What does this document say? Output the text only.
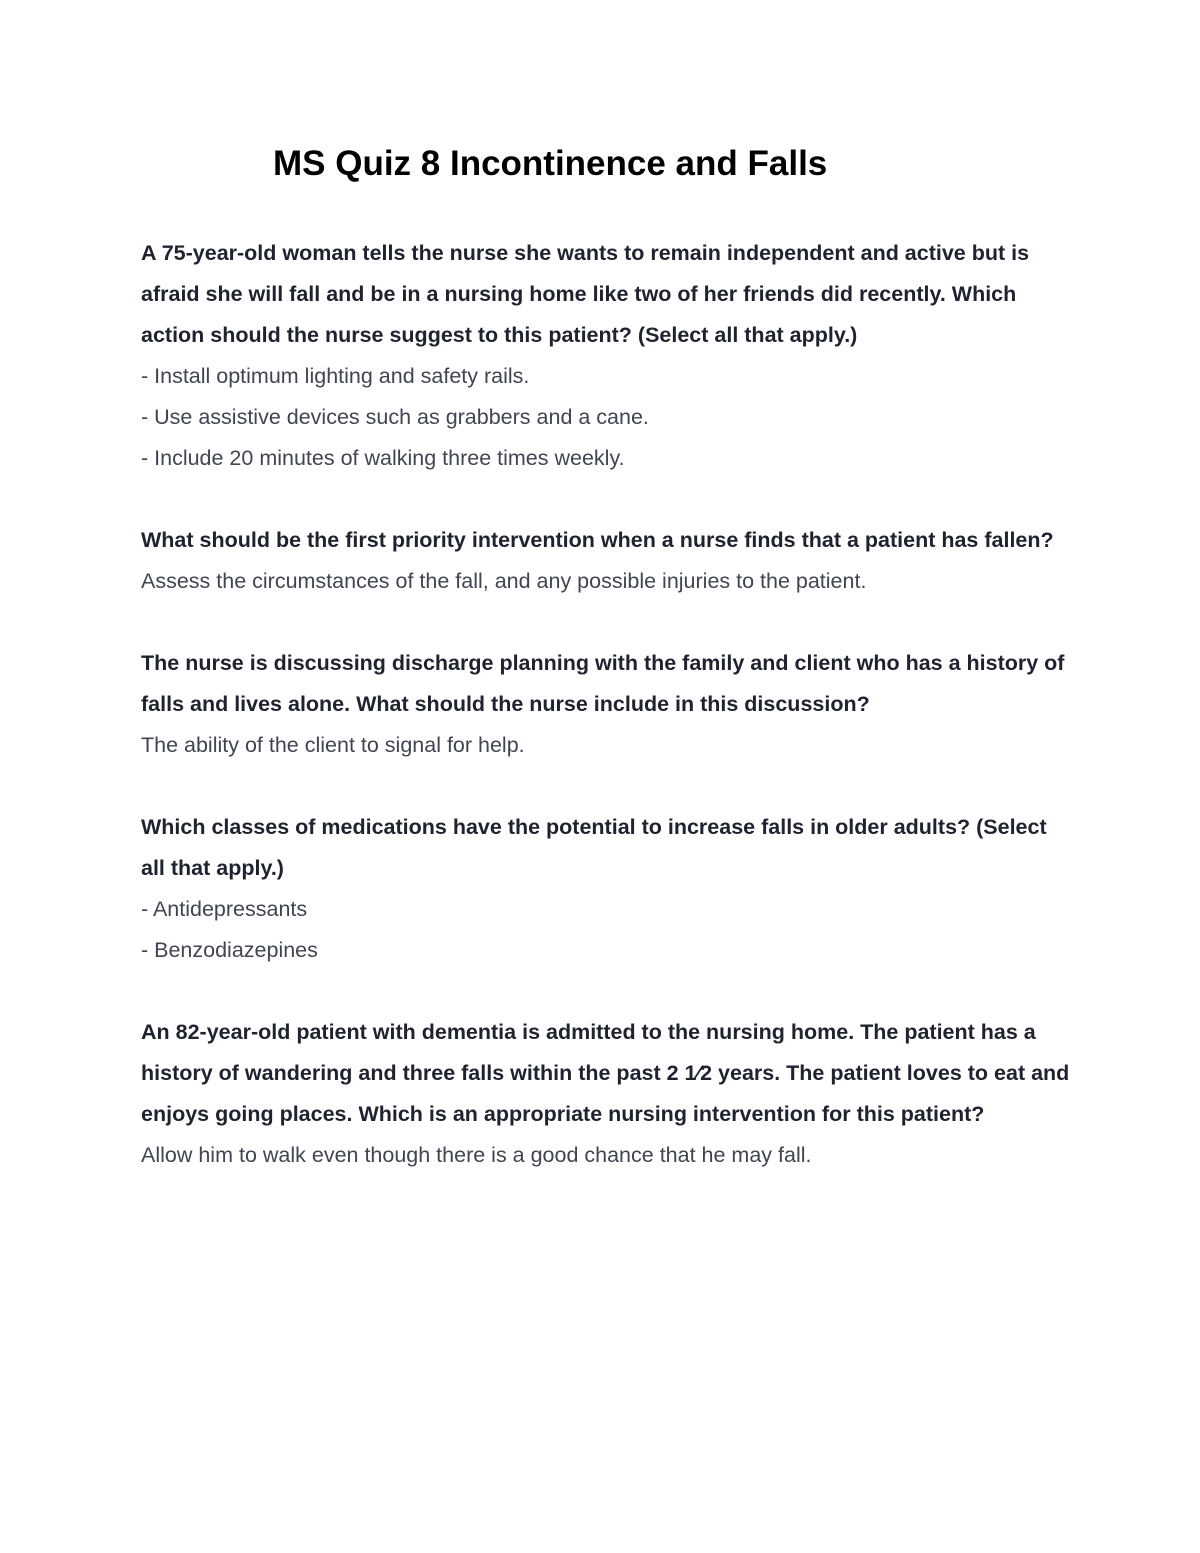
MS Quiz 8 Incontinence and Falls

A 75-year-old woman tells the nurse she wants to remain independent and active but is afraid she will fall and be in a nursing home like two of her friends did recently. Which action should the nurse suggest to this patient? (Select all that apply.)

- Install optimum lighting and safety rails.

- Use assistive devices such as grabbers and a cane.

- Include 20 minutes of walking three times weekly.

What should be the first priority intervention when a nurse finds that a patient has fallen?

Assess the circumstances of the fall, and any possible injuries to the patient.

The nurse is discussing discharge planning with the family and client who has a history of falls and lives alone. What should the nurse include in this discussion?

The ability of the client to signal for help.

Which classes of medications have the potential to increase falls in older adults? (Select all that apply.)

- Antidepressants

- Benzodiazepines

An 82-year-old patient with dementia is admitted to the nursing home. The patient has a history of wandering and three falls within the past 2 1⁄2 years. The patient loves to eat and enjoys going places. Which is an appropriate nursing intervention for this patient?

Allow him to walk even though there is a good chance that he may fall.
